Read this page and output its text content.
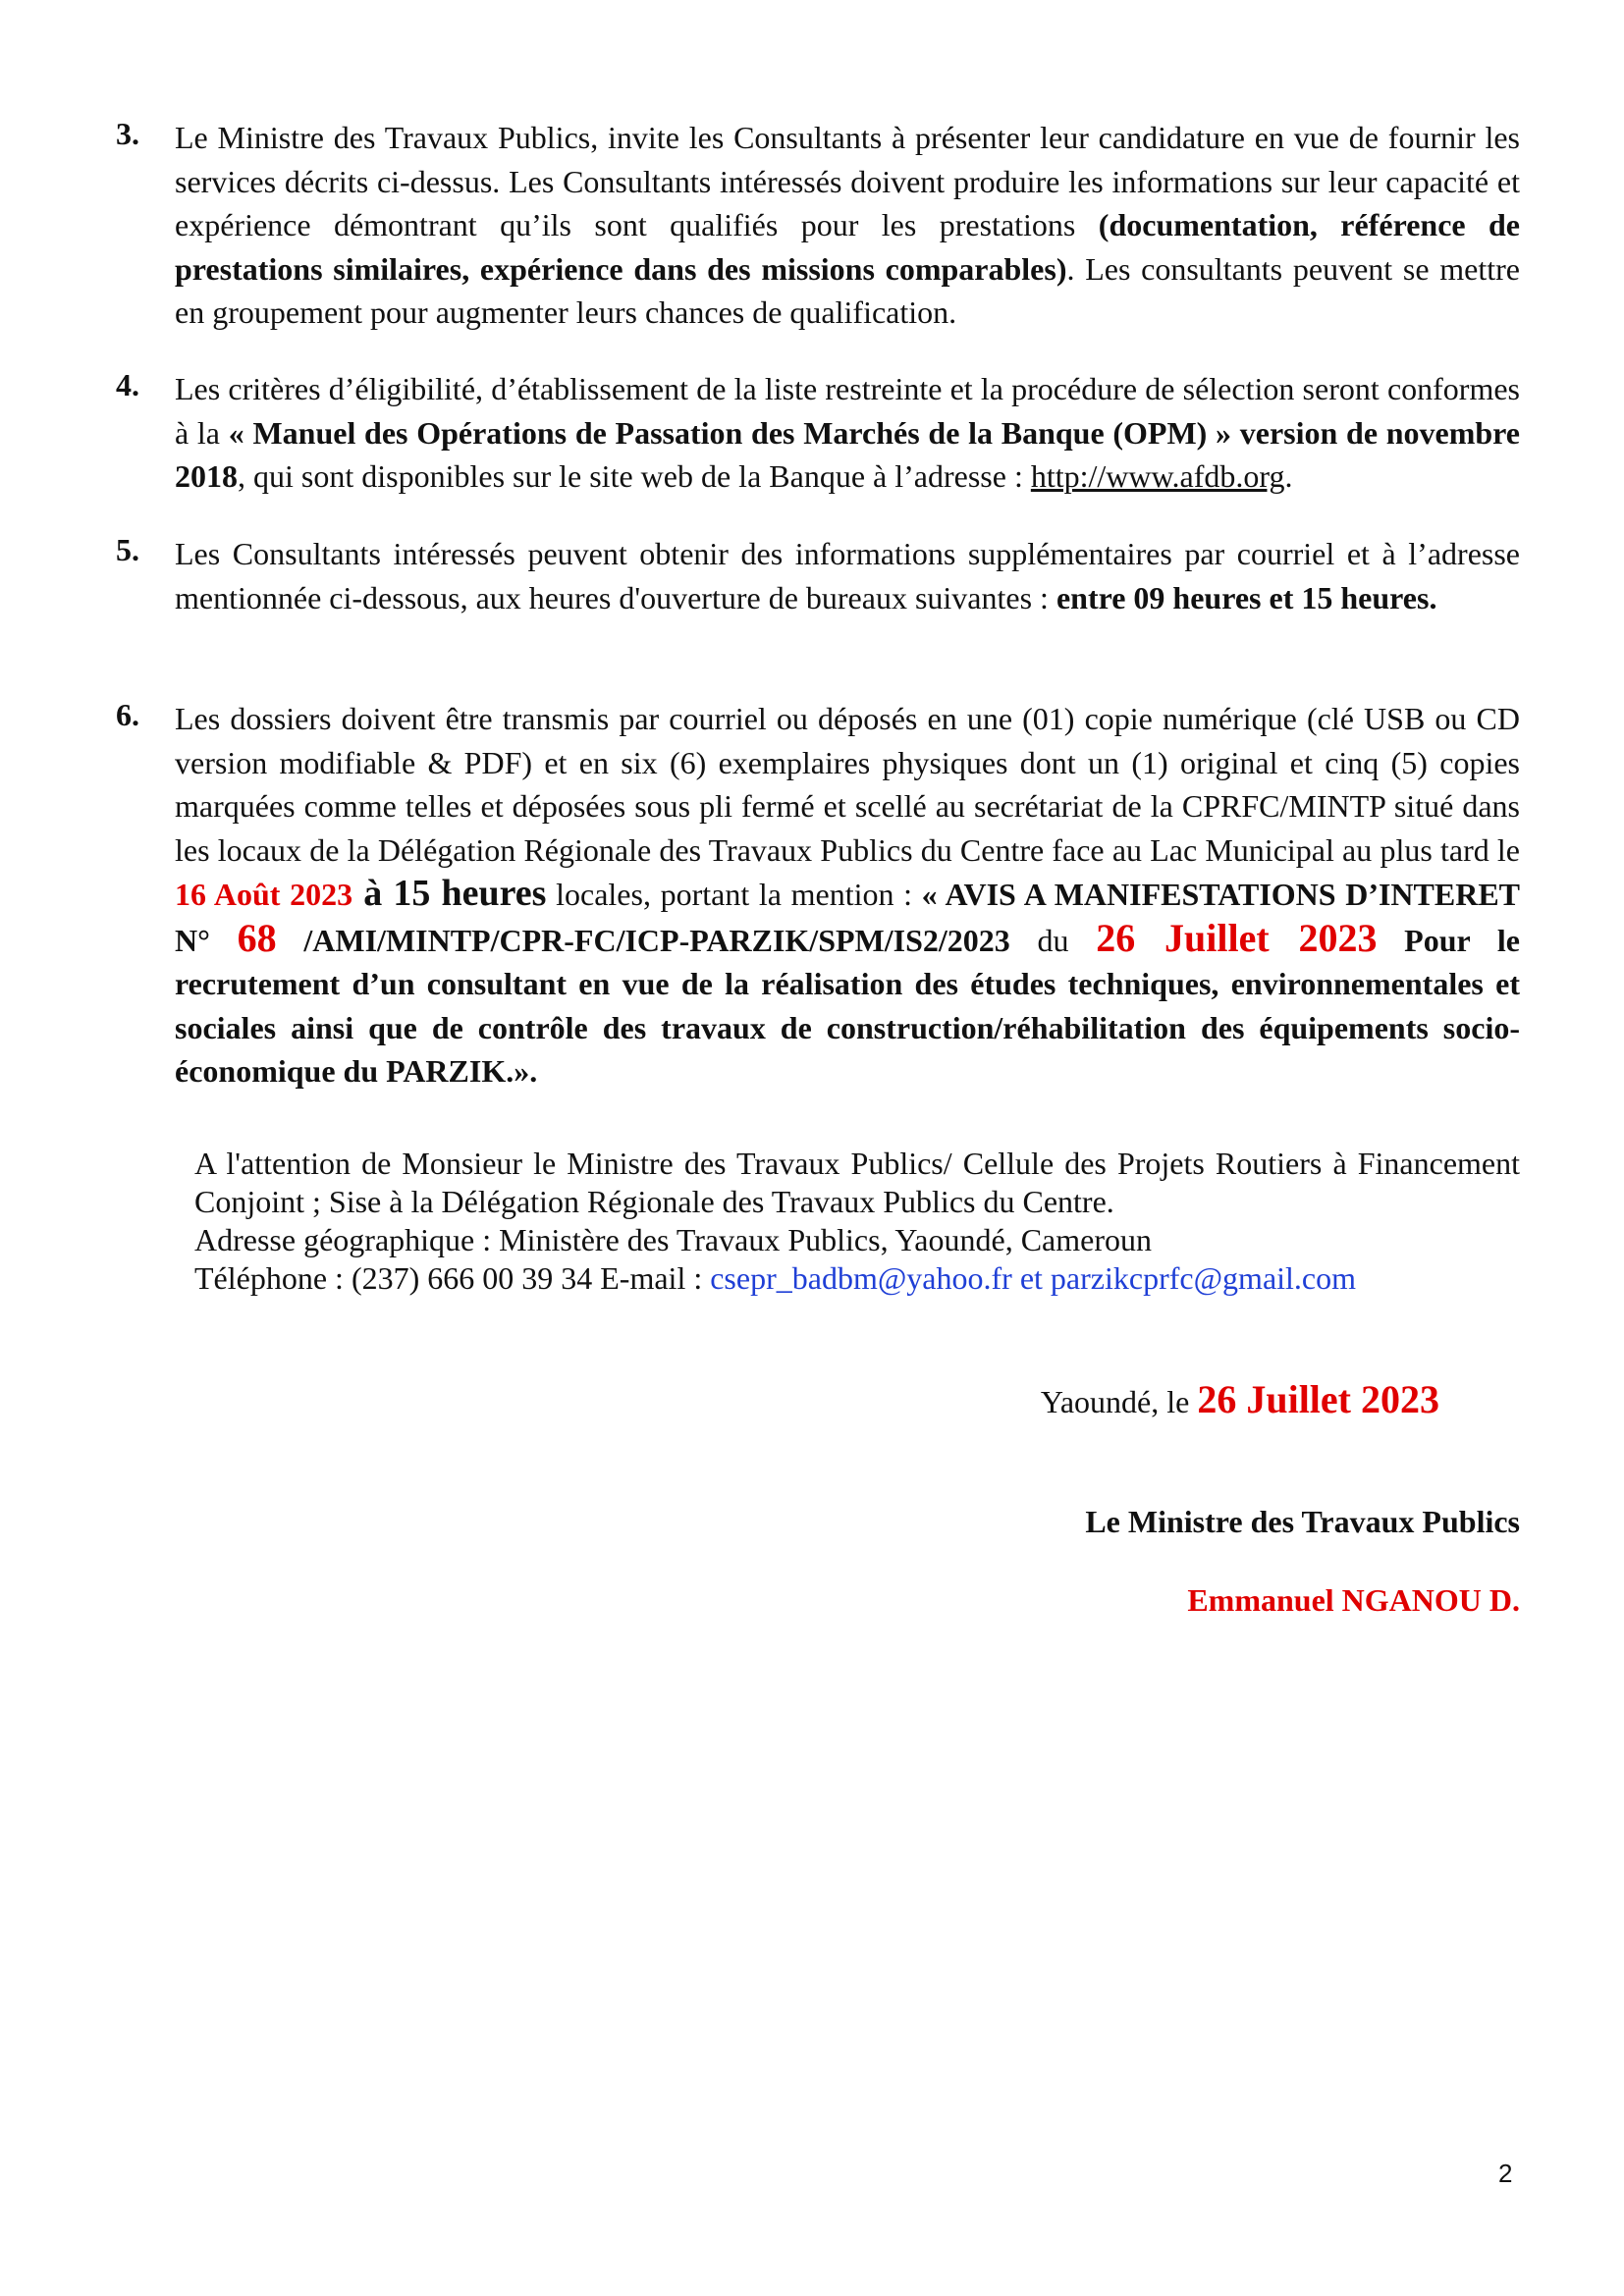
3. Le Ministre des Travaux Publics, invite les Consultants à présenter leur candidature en vue de fournir les services décrits ci-dessus. Les Consultants intéressés doivent produire les informations sur leur capacité et expérience démontrant qu’ils sont qualifiés pour les prestations (documentation, référence de prestations similaires, expérience dans des missions comparables). Les consultants peuvent se mettre en groupement pour augmenter leurs chances de qualification.
4. Les critères d’éligibilité, d’établissement de la liste restreinte et la procédure de sélection seront conformes à la « Manuel des Opérations de Passation des Marchés de la Banque (OPM) » version de novembre 2018, qui sont disponibles sur le site web de la Banque à l’adresse : http://www.afdb.org.
5. Les Consultants intéressés peuvent obtenir des informations supplémentaires par courriel et à l’adresse mentionnée ci-dessous, aux heures d'ouverture de bureaux suivantes : entre 09 heures et 15 heures.
6. Les dossiers doivent être transmis par courriel ou déposés en une (01) copie numérique (clé USB ou CD version modifiable & PDF) et en six (6) exemplaires physiques dont un (1) original et cinq (5) copies marquées comme telles et déposées sous pli fermé et scellé au secrétariat de la CPRFC/MINTP situé dans les locaux de la Délégation Régionale des Travaux Publics du Centre face au Lac Municipal au plus tard le 16 Août 2023 à 15 heures locales, portant la mention : « AVIS A MANIFESTATIONS D’INTERET N° 68 /AMI/MINTP/CPR-FC/ICP-PARZIK/SPM/IS2/2023 du 26 Juillet 2023 Pour le recrutement d’un consultant en vue de la réalisation des études techniques, environnementales et sociales ainsi que de contrôle des travaux de construction/réhabilitation des équipements socio-économique du PARZIK.».
A l'attention de Monsieur le Ministre des Travaux Publics/ Cellule des Projets Routiers à Financement Conjoint ; Sise à la Délégation Régionale des Travaux Publics du Centre.
Adresse géographique : Ministère des Travaux Publics, Yaoundé, Cameroun
Téléphone : (237) 666 00 39 34 E-mail : csepr_badbm@yahoo.fr et parzikcprfc@gmail.com
Yaoundé, le 26 Juillet 2023
Le Ministre des Travaux Publics
Emmanuel NGANOU D.
2
